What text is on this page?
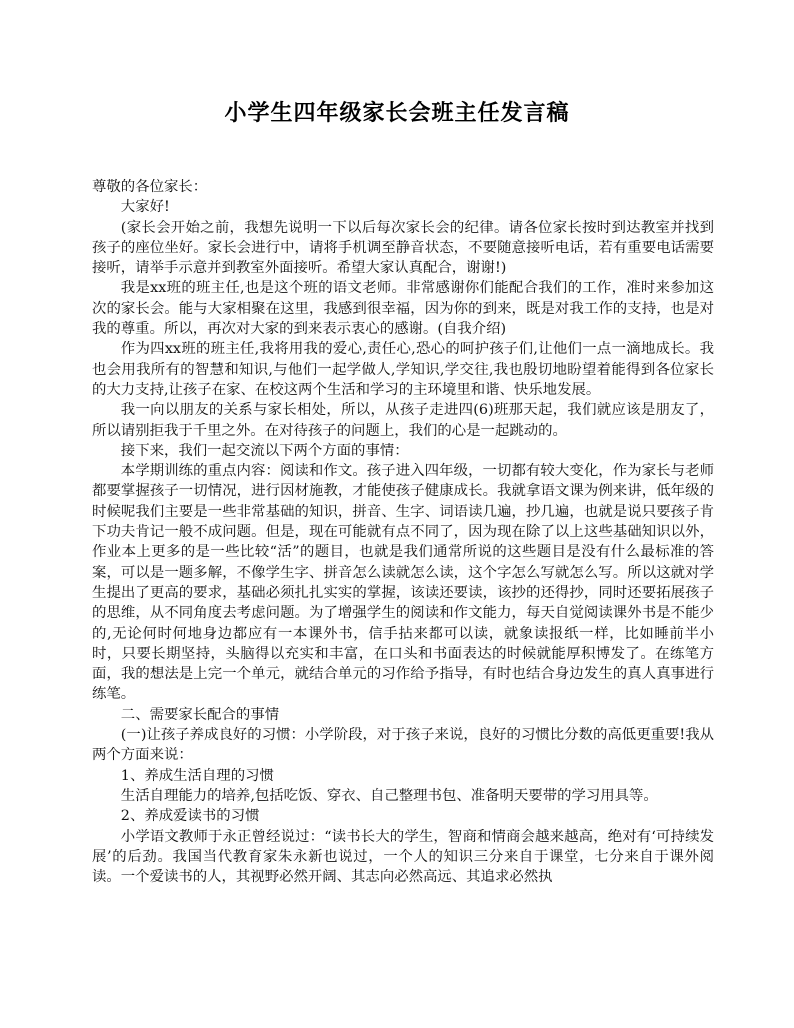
小学生四年级家长会班主任发言稿

尊敬的各位家长：

大家好!

(家长会开始之前，我想先说明一下以后每次家长会的纪律。请各位家长按时到达教室并找到孩子的座位坐好。家长会进行中，请将手机调至静音状态，不要随意接听电话，若有重要电话需要接听，请举手示意并到教室外面接听。希望大家认真配合，谢谢!)

我是xx班的班主任,也是这个班的语文老师。非常感谢你们能配合我们的工作，准时来参加这次的家长会。能与大家相聚在这里，我感到很幸福，因为你的到来，既是对我工作的支持，也是对我的尊重。所以，再次对大家的到来表示衷心的感谢。(自我介绍)

作为四xx班的班主任,我将用我的爱心,责任心,恐心的呵护孩子们,让他们一点一滴地成长。我也会用我所有的智慧和知识,与他们一起学做人,学知识,学交往,我也殷切地盼望着能得到各位家长的大力支持,让孩子在家、在校这两个生活和学习的主环境里和谐、快乐地发展。

我一向以朋友的关系与家长相处，所以，从孩子走进四(6)班那天起，我们就应该是朋友了，所以请别拒我于千里之外。在对待孩子的问题上，我们的心是一起跳动的。

接下来，我们一起交流以下两个方面的事情：

本学期训练的重点内容：阅读和作文。孩子进入四年级，一切都有较大变化，作为家长与老师都要掌握孩子一切情况，进行因材施教，才能使孩子健康成长。我就拿语文课为例来讲，低年级的时候呢我们主要是一些非常基础的知识，拼音、生字、词语读几遍，抄几遍，也就是说只要孩子肯下功夫肯记一般不成问题。但是，现在可能就有点不同了，因为现在除了以上这些基础知识以外，作业本上更多的是一些比较“活”的题目，也就是我们通常所说的这些题目是没有什么最标准的答案，可以是一题多解，不像学生字、拼音怎么读就怎么读，这个字怎么写就怎么写。所以这就对学生提出了更高的要求，基础必须扎扎实实的掌握，该读还要读，该抄的还得抄，同时还要拓展孩子的思维，从不同角度去考虑问题。为了增强学生的阅读和作文能力，每天自觉阅读课外书是不能少的,无论何时何地身边都应有一本课外书，信手拈来都可以读，就象读报纸一样，比如睡前半小时，只要长期坚持，头脑得以充实和丰富，在口头和书面表达的时候就能厚积博发了。在练笔方面，我的想法是上完一个单元，就结合单元的习作给予指导，有时也结合身边发生的真人真事进行练笔。

二、需要家长配合的事情

(一)让孩子养成良好的习惯：小学阶段，对于孩子来说，良好的习惯比分数的高低更重要!我从两个方面来说：

1、养成生活自理的习惯

生活自理能力的培养,包括吃饭、穿衣、自己整理书包、准备明天要带的学习用具等。

2、养成爱读书的习惯

小学语文教师于永正曾经说过：“读书长大的学生，智商和情商会越来越高，绝对有‘可持续发展’的后劲。我国当代教育家朱永新也说过，一个人的知识三分来自于课堂，七分来自于课外阅读。一个爱读书的人，其视野必然开阔、其志向必然高远、其追求必然执
